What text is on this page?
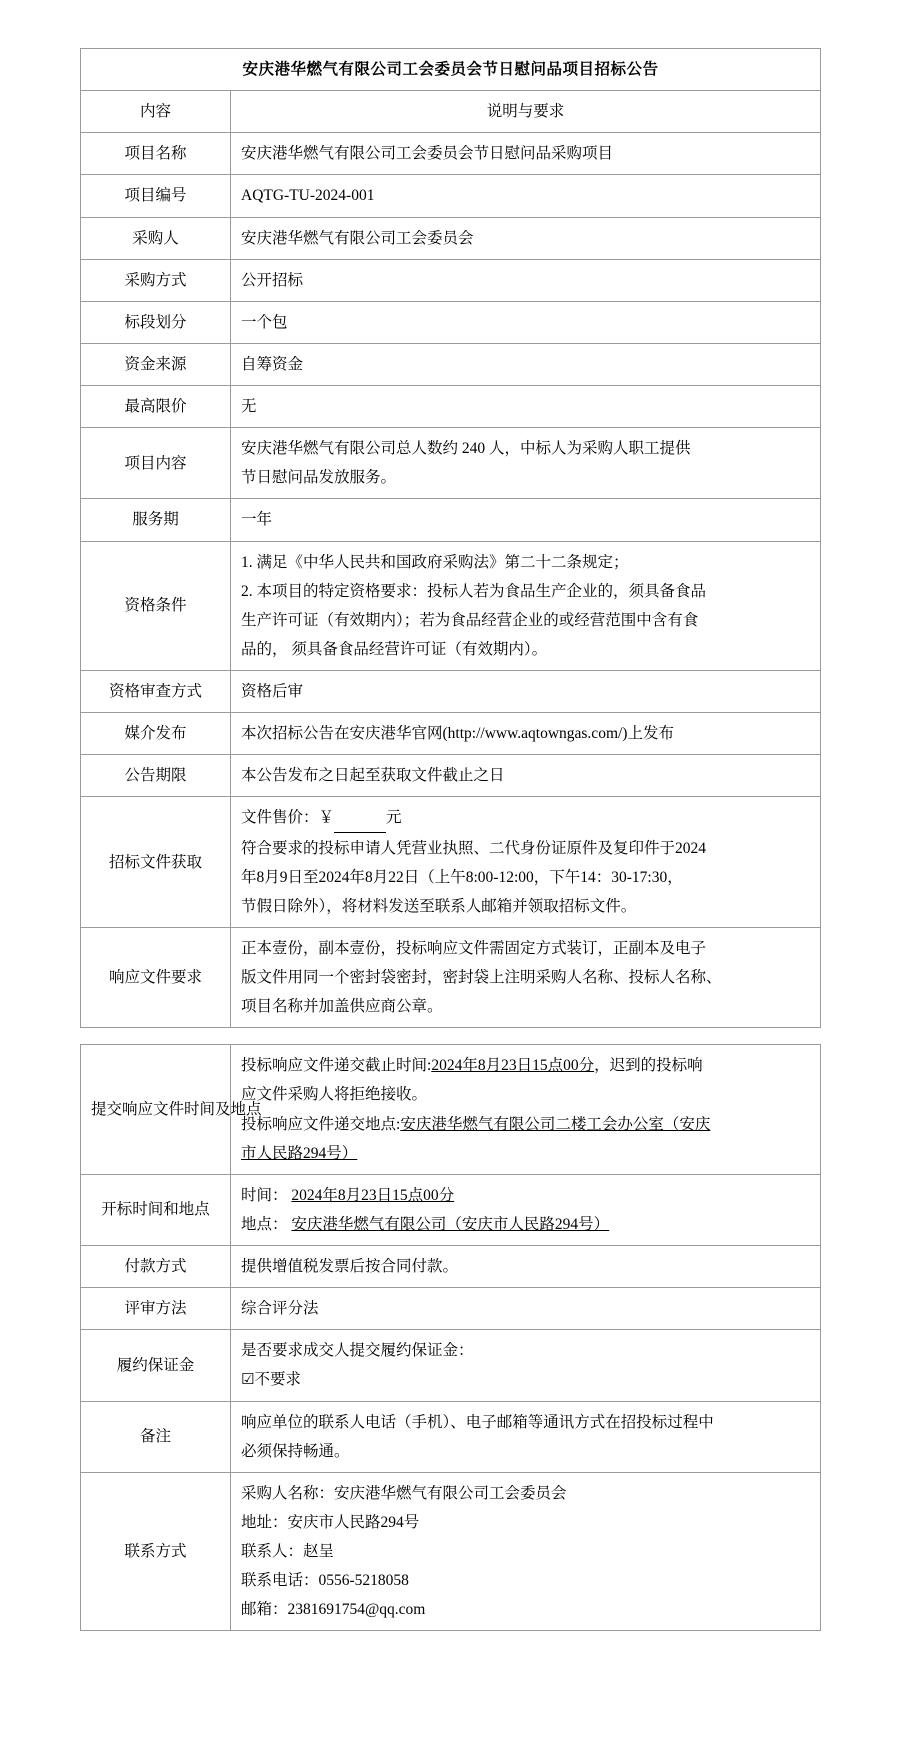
安庆港华燃气有限公司工会委员会节日慰问品项目招标公告	
内容	说明与要求
项目名称	安庆港华燃气有限公司工会委员会节日慰问品采购项目
项目编号	AQTG-TU-2024-001
采购人	安庆港华燃气有限公司工会委员会
采购方式	公开招标
标段划分	一个包
资金来源	自筹资金
最高限价	无
项目内容	安庆港华燃气有限公司总人数约 240 人，中标人为采购人职工提供

节日慰问品发放服务。

服务期	一年
资格条件	1. 满足《中华人民共和国政府采购法》第二十二条规定；

2. 本项目的特定资格要求：投标人若为食品生产企业的，须具备食品

生产许可证（有效期内）；若为食品经营企业的或经营范围中含有食

品的， 须具备食品经营许可证（有效期内）。

资格审查方式	资格后审
媒介发布	本次招标公告在安庆港华官网(http://www.aqtowngas.com/)上发布
公告期限	本公告发布之日起至获取文件截止之日
招标文件获取	文件售价：￥　　　 元

符合要求的投标申请人凭营业执照、二代身份证原件及复印件于2024

年8月9日至2024年8月22日（上午8:00-12:00，下午14：30-17:30，

节假日除外），将材料发送至联系人邮箱并领取招标文件。

响应文件要求	正本壹份，副本壹份，投标响应文件需固定方式装订，正副本及电子

版文件用同一个密封袋密封，密封袋上注明采购人名称、投标人名称、

项目名称并加盖供应商公章。

提交响应文件时间及地点	投标响应文件递交截止时间:2024年8月23日15点00分，迟到的投标响

应文件采购人将拒绝接收。

投标响应文件递交地点:安庆港华燃气有限公司二楼工会办公室（安庆

市人民路294号）

开标时间和地点	时间： 2024年8月23日15点00分

地点： 安庆港华燃气有限公司（安庆市人民路294号）

付款方式	提供增值税发票后按合同付款。
评审方法	综合评分法
履约保证金	是否要求成交人提交履约保证金：

☑不要求

备注	响应单位的联系人电话（手机）、电子邮箱等通讯方式在招投标过程中

必须保持畅通。

联系方式	采购人名称：安庆港华燃气有限公司工会委员会

地址：安庆市人民路294号

联系人：赵呈

联系电话：0556-5218058

邮箱：2381691754@qq.com
